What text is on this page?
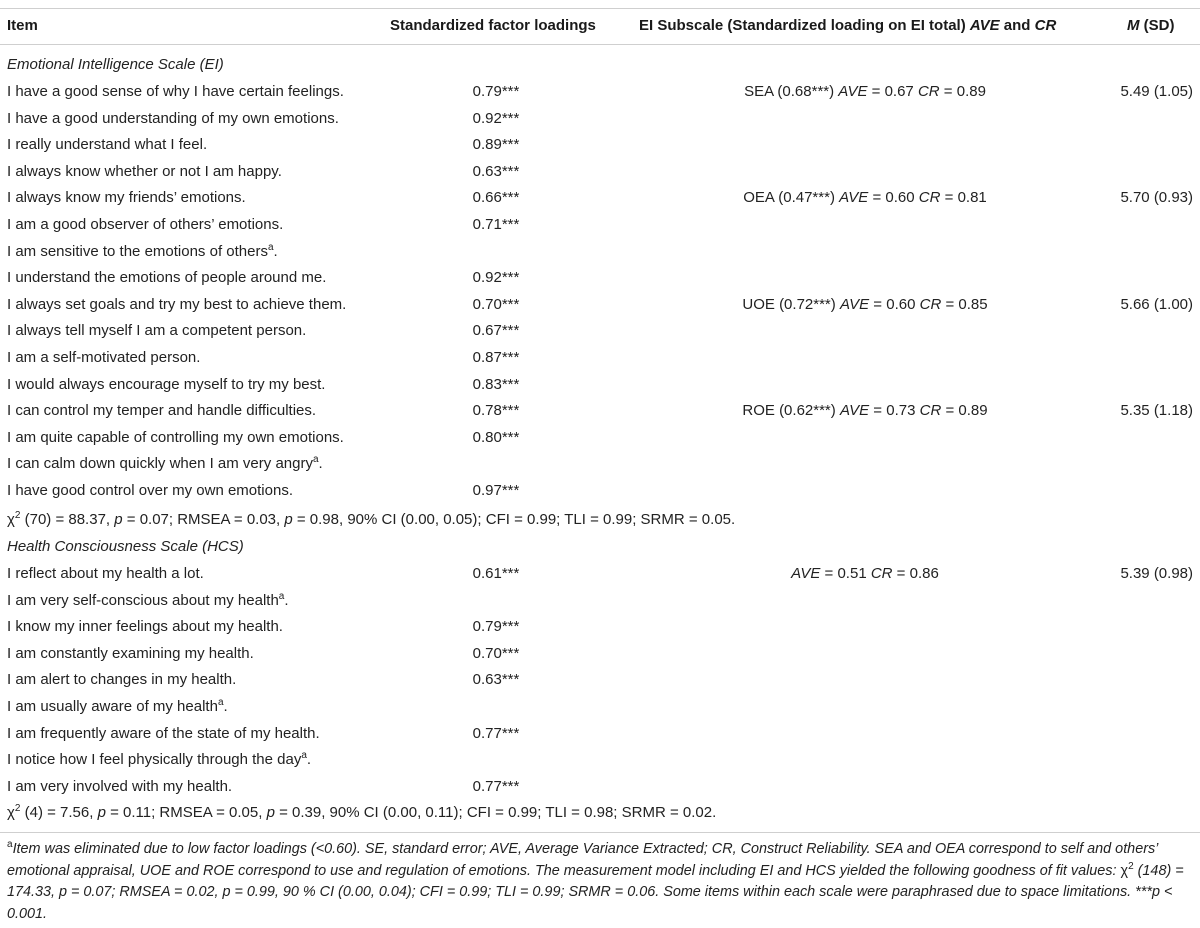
Item	Standardized factor loadings	EI Subscale (Standardized loading on EI total) AVE and CR	M (SD)
Emotional Intelligence Scale (EI)
I have a good sense of why I have certain feelings.	0.79***	SEA (0.68***) AVE = 0.67 CR = 0.89	5.49 (1.05)
I have a good understanding of my own emotions.	0.92***
I really understand what I feel.	0.89***
I always know whether or not I am happy.	0.63***
I always know my friends’ emotions.	0.66***	OEA (0.47***) AVE = 0.60 CR = 0.81	5.70 (0.93)
I am a good observer of others’ emotions.	0.71***
I am sensitive to the emotions of others$^a$.
I understand the emotions of people around me.	0.92***
I always set goals and try my best to achieve them.	0.70***	UOE (0.72***) AVE = 0.60 CR = 0.85	5.66 (1.00)
I always tell myself I am a competent person.	0.67***
I am a self-motivated person.	0.87***
I would always encourage myself to try my best.	0.83***
I can control my temper and handle difficulties.	0.78***	ROE (0.62***) AVE = 0.73 CR = 0.89	5.35 (1.18)
I am quite capable of controlling my own emotions.	0.80***
I can calm down quickly when I am very angry$^a$.
I have good control over my own emotions.	0.97***
$\chi^2$ (70) = 88.37, p = 0.07; RMSEA = 0.03, p = 0.98, 90% CI (0.00, 0.05); CFI = 0.99; TLI = 0.99; SRMR = 0.05.
Health Consciousness Scale (HCS)
I reflect about my health a lot.	0.61***	AVE = 0.51 CR = 0.86	5.39 (0.98)
I am very self-conscious about my health$^a$.
I know my inner feelings about my health.	0.79***
I am constantly examining my health.	0.70***
I am alert to changes in my health.	0.63***
I am usually aware of my health$^a$.
I am frequently aware of the state of my health.	0.77***
I notice how I feel physically through the day$^a$.
I am very involved with my health.	0.77***
$\chi^2$ (4) = 7.56, p = 0.11; RMSEA = 0.05, p = 0.39, 90% CI (0.00, 0.11); CFI = 0.99; TLI = 0.98; SRMR = 0.02.
$^a$Item was eliminated due to low factor loadings (<0.60). SE, standard error; AVE, Average Variance Extracted; CR, Construct Reliability. SEA and OEA correspond to self and others’ emotional appraisal, UOE and ROE correspond to use and regulation of emotions. The measurement model including EI and HCS yielded the following goodness of fit values: $\chi^2$ (148) = 174.33, p = 0.07; RMSEA = 0.02, p = 0.99, 90 % CI (0.00, 0.04); CFI = 0.99; TLI = 0.99; SRMR = 0.06. Some items within each scale were paraphrased due to space limitations. ***p < 0.001.
